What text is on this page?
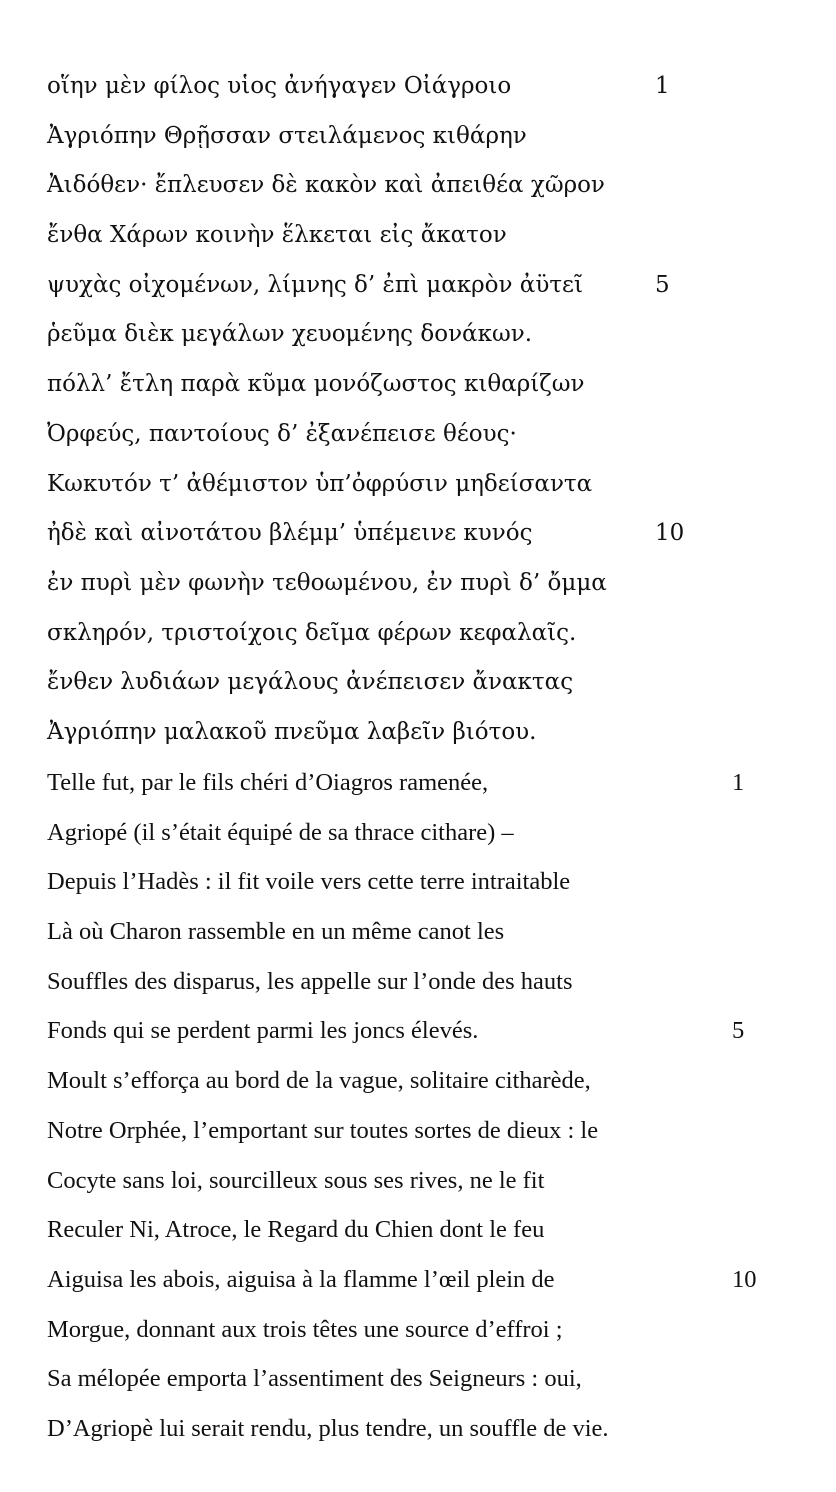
οἵην μὲν φίλος υἱος ἀνήγαγεν Οἰάγροιο	1
Ἀγριόπην Θρῇσσαν στειλάμενος κιθάρην
Ἀιδόθεν· ἔπλευσεν δὲ κακὸν καὶ ἀπειθέα χῶρον
ἔνθα Χάρων κοινὴν ἕλκεται εἰς ἄκατον
ψυχὰς οἰχομένων, λίμνης δ’ ἐπὶ μακρὸν ἀϋτεῖ	5
ῥεῦμα διὲκ μεγάλων χευομένης δονάκων.
πόλλ’ ἔτλη παρὰ κῦμα μονόζωστος κιθαρίζων
Ὀρφεύς, παντοίους δ’ ἐξανέπεισε θέους·
Κωκυτόν τ’ ἀθέμιστον ὑπ’ὀφρύσιν μηδείσαντα
ἠδὲ καὶ αἰνοτάτου βλέμμ’ ὑπέμεινε κυνός	10
ἐν πυρὶ μὲν φωνὴν τεθοωμένου, ἐν πυρὶ δ’ ὄμμα
σκληρόν, τριστοίχοις δεῖμα φέρων κεφαλαῖς.
ἔνθεν λυδιάων μεγάλους ἀνέπεισεν ἄνακτας
Ἀγριόπην μαλακοῦ πνεῦμα λαβεῖν βιότου.
Telle fut, par le fils chéri d’Oiagros ramenée,	1
Agriopé (il s’était équipé de sa thrace cithare) –
Depuis l’Hadès : il fit voile vers cette terre intraitable
Là où Charon rassemble en un même canot les
Souffles des disparus, les appelle sur l’onde des hauts
Fonds qui se perdent parmi les joncs élevés.	5
Moult s’efforça au bord de la vague, solitaire citharède,
Notre Orphée, l’emportant sur toutes sortes de dieux : le
Cocyte sans loi, sourcilleux sous ses rives, ne le fit
Reculer Ni, Atroce, le Regard du Chien dont le feu
Aiguisa les abois, aiguisa à la flamme l’œil plein de	10
Morgue, donnant aux trois têtes une source d’effroi ;
Sa mélopée emporta l’assentiment des Seigneurs : oui,
D’Agriopè lui serait rendu, plus tendre, un souffle de vie.
